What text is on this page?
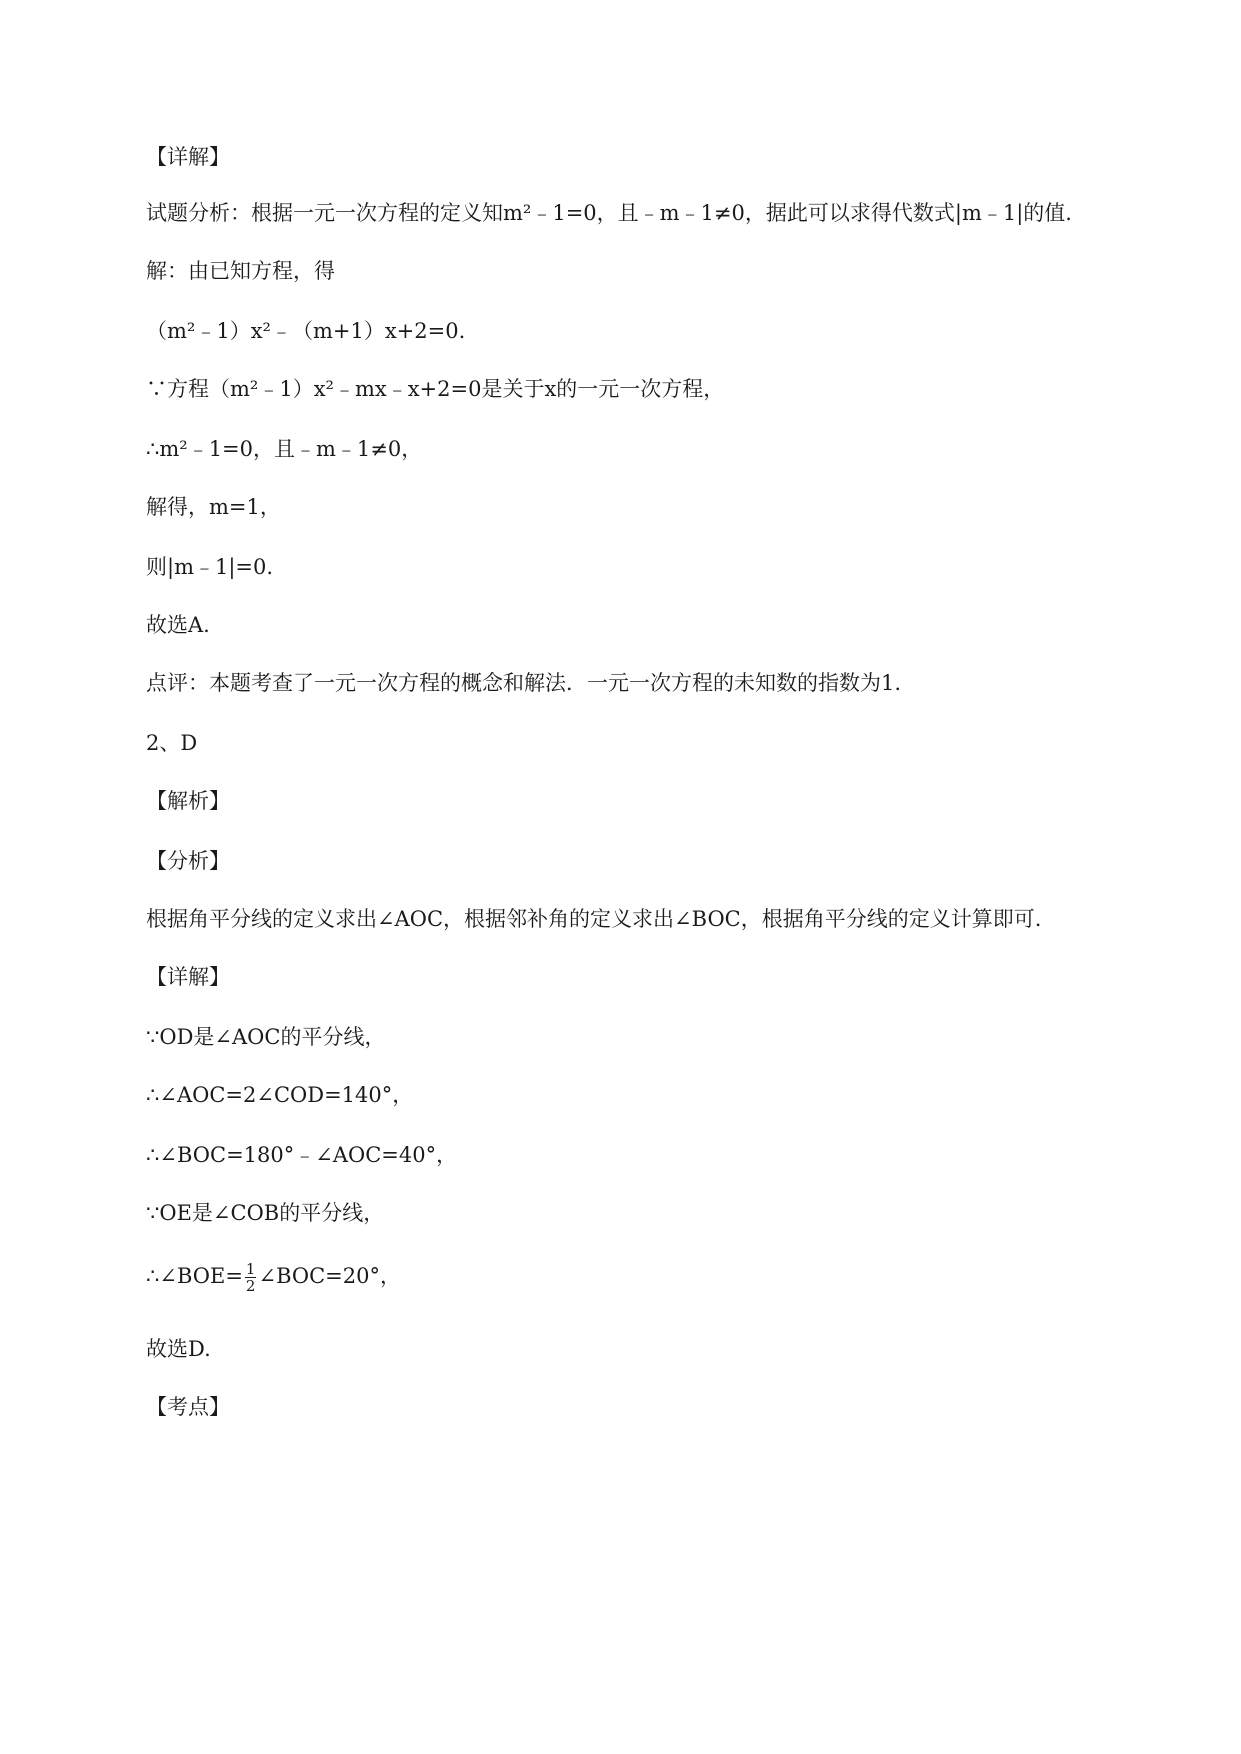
【详解】
试题分析：根据一元一次方程的定义知m²﹣1=0，且﹣m﹣1≠0，据此可以求得代数式|m﹣1|的值.
解：由已知方程，得
（m²﹣1）x²﹣（m+1）x+2=0.
∵方程（m²﹣1）x²﹣mx﹣x+2=0是关于x的一元一次方程，
∴m²﹣1=0，且﹣m﹣1≠0，
解得，m=1，
则|m﹣1|=0.
故选A.
点评：本题考查了一元一次方程的概念和解法．一元一次方程的未知数的指数为1.
2、D
【解析】
【分析】
根据角平分线的定义求出∠AOC，根据邻补角的定义求出∠BOC，根据角平分线的定义计算即可.
【详解】
∵OD是∠AOC的平分线，
∴∠AOC=2∠COD=140°，
∴∠BOC=180°﹣∠AOC=40°，
∵OE是∠COB的平分线，
∴∠BOE= $\frac{1}{2}$ ∠BOC=20°，
故选D.
【考点】
